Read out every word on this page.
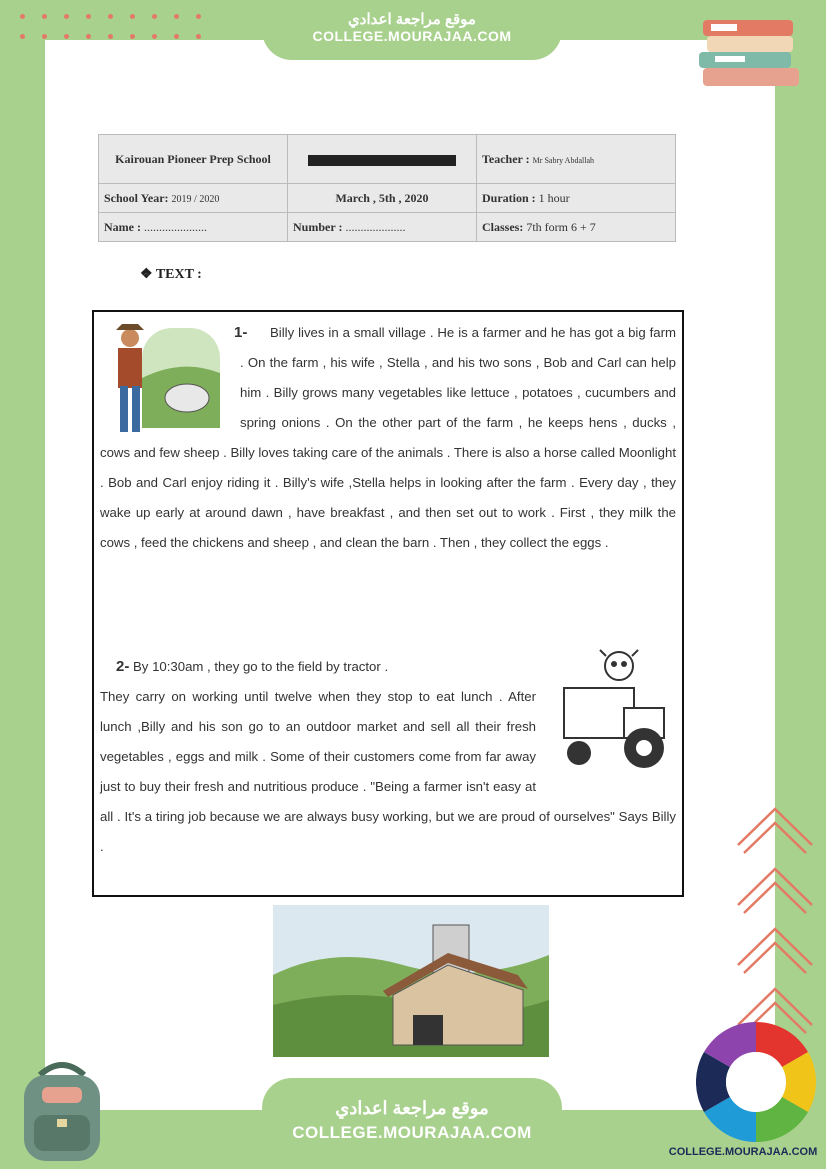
موقع مراجعة اعدادي
COLLEGE.MOURAJAA.COM
Kairouan Pioneer Prep School	ENGLISH FULL TERM TEST N°2	Teacher : Mr Sabry Abdallah
School Year: 2019 / 2020	March , 5th , 2020	Duration : 1 hour
Name : .....................	Number : ....................	Classes: 7th form 6 + 7
❖ TEXT :
1-	Billy lives in a small village . He is a farmer and he has got a big farm . On the farm , his wife , Stella , and his two sons , Bob and Carl can help him . Billy grows many vegetables like lettuce , potatoes , cucumbers and spring onions . On the other part of the farm , he keeps hens , ducks , cows and few sheep . Billy loves taking care of the animals . There is also a horse called Moonlight . Bob and Carl enjoy riding it . Billy's wife ,Stella helps in looking after the farm . Every day , they wake up early at around dawn , have breakfast , and then set out to work . First , they milk the cows , feed the chickens and sheep , and clean the barn . Then , they collect the eggs .
2- By 10:30am , they go to the field by tractor .
They carry on working until twelve when they stop to eat lunch . After lunch ,Billy and his son go to an outdoor market and sell all their fresh vegetables , eggs and milk . Some of their customers come from far away just to buy their fresh and nutritious produce . "Being a farmer isn't easy at all . It's a tiring job because we are always busy working, but we are proud of ourselves" Says Billy .
موقع مراجعة اعدادي
COLLEGE.MOURAJAA.COM
COLLEGE.MOURAJAA.COM
